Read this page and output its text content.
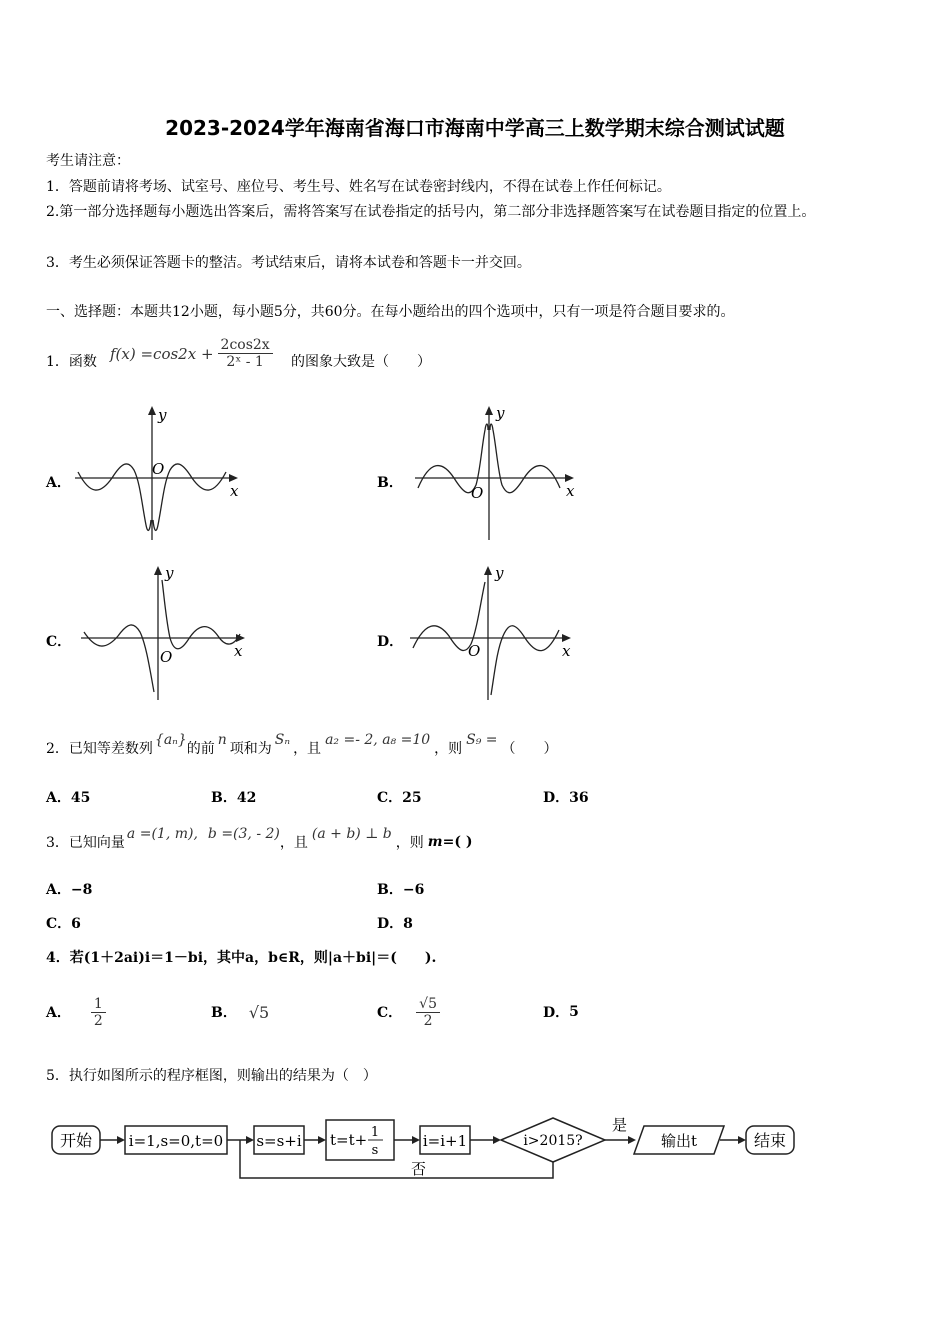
2023-2024学年海南省海口市海南中学高三上数学期末综合测试试题
考生请注意：
1．答题前请将考场、试室号、座位号、考生号、姓名写在试卷密封线内，不得在试卷上作任何标记。
2.第一部分选择题每小题选出答案后，需将答案写在试卷指定的括号内，第二部分非选择题答案写在试卷题目指定的位置上。
3．考生必须保证答题卡的整洁。考试结束后，请将本试卷和答题卡一并交回。
一、选择题：本题共12小题，每小题5分，共60分。在每小题给出的四个选项中，只有一项是符合题目要求的。
1．函数 $f(x) =\cos 2x + \frac{2\cos 2x}{\text{2ˣ - 1}}$ 的图象大致是（　　）
A．	B．
C．	D．
x
y
O
x
y
O
x
y
O	x
y
O
2．已知等差数列
{aₙ}
的前
n
项和为
Sₙ
，且
a₂ =- 2, a₈ =10
，则
S₉ =
（　　）
A．45	B．42	C．25	D．36
3．已知向量
a =(1, m), b =(3, - 2)
，且
(a + b) ⊥ b
，则 m =( )
A．−8	B．−6
C．6	D．8
4．若(1＋2ai)i＝1－bi，其中a，b∈R，则|a＋bi|＝(　　).
A． $\frac{1}{2}$	B． √5	C． $\frac{√5}{2}$	D． 5
5．执行如图所示的程序框图，则输出的结果为（　）
开始 i=1,s=0,t=0 s=s+i t=t+ 1
s
i=i+1	i>2015?
是
输出t	结束
否
